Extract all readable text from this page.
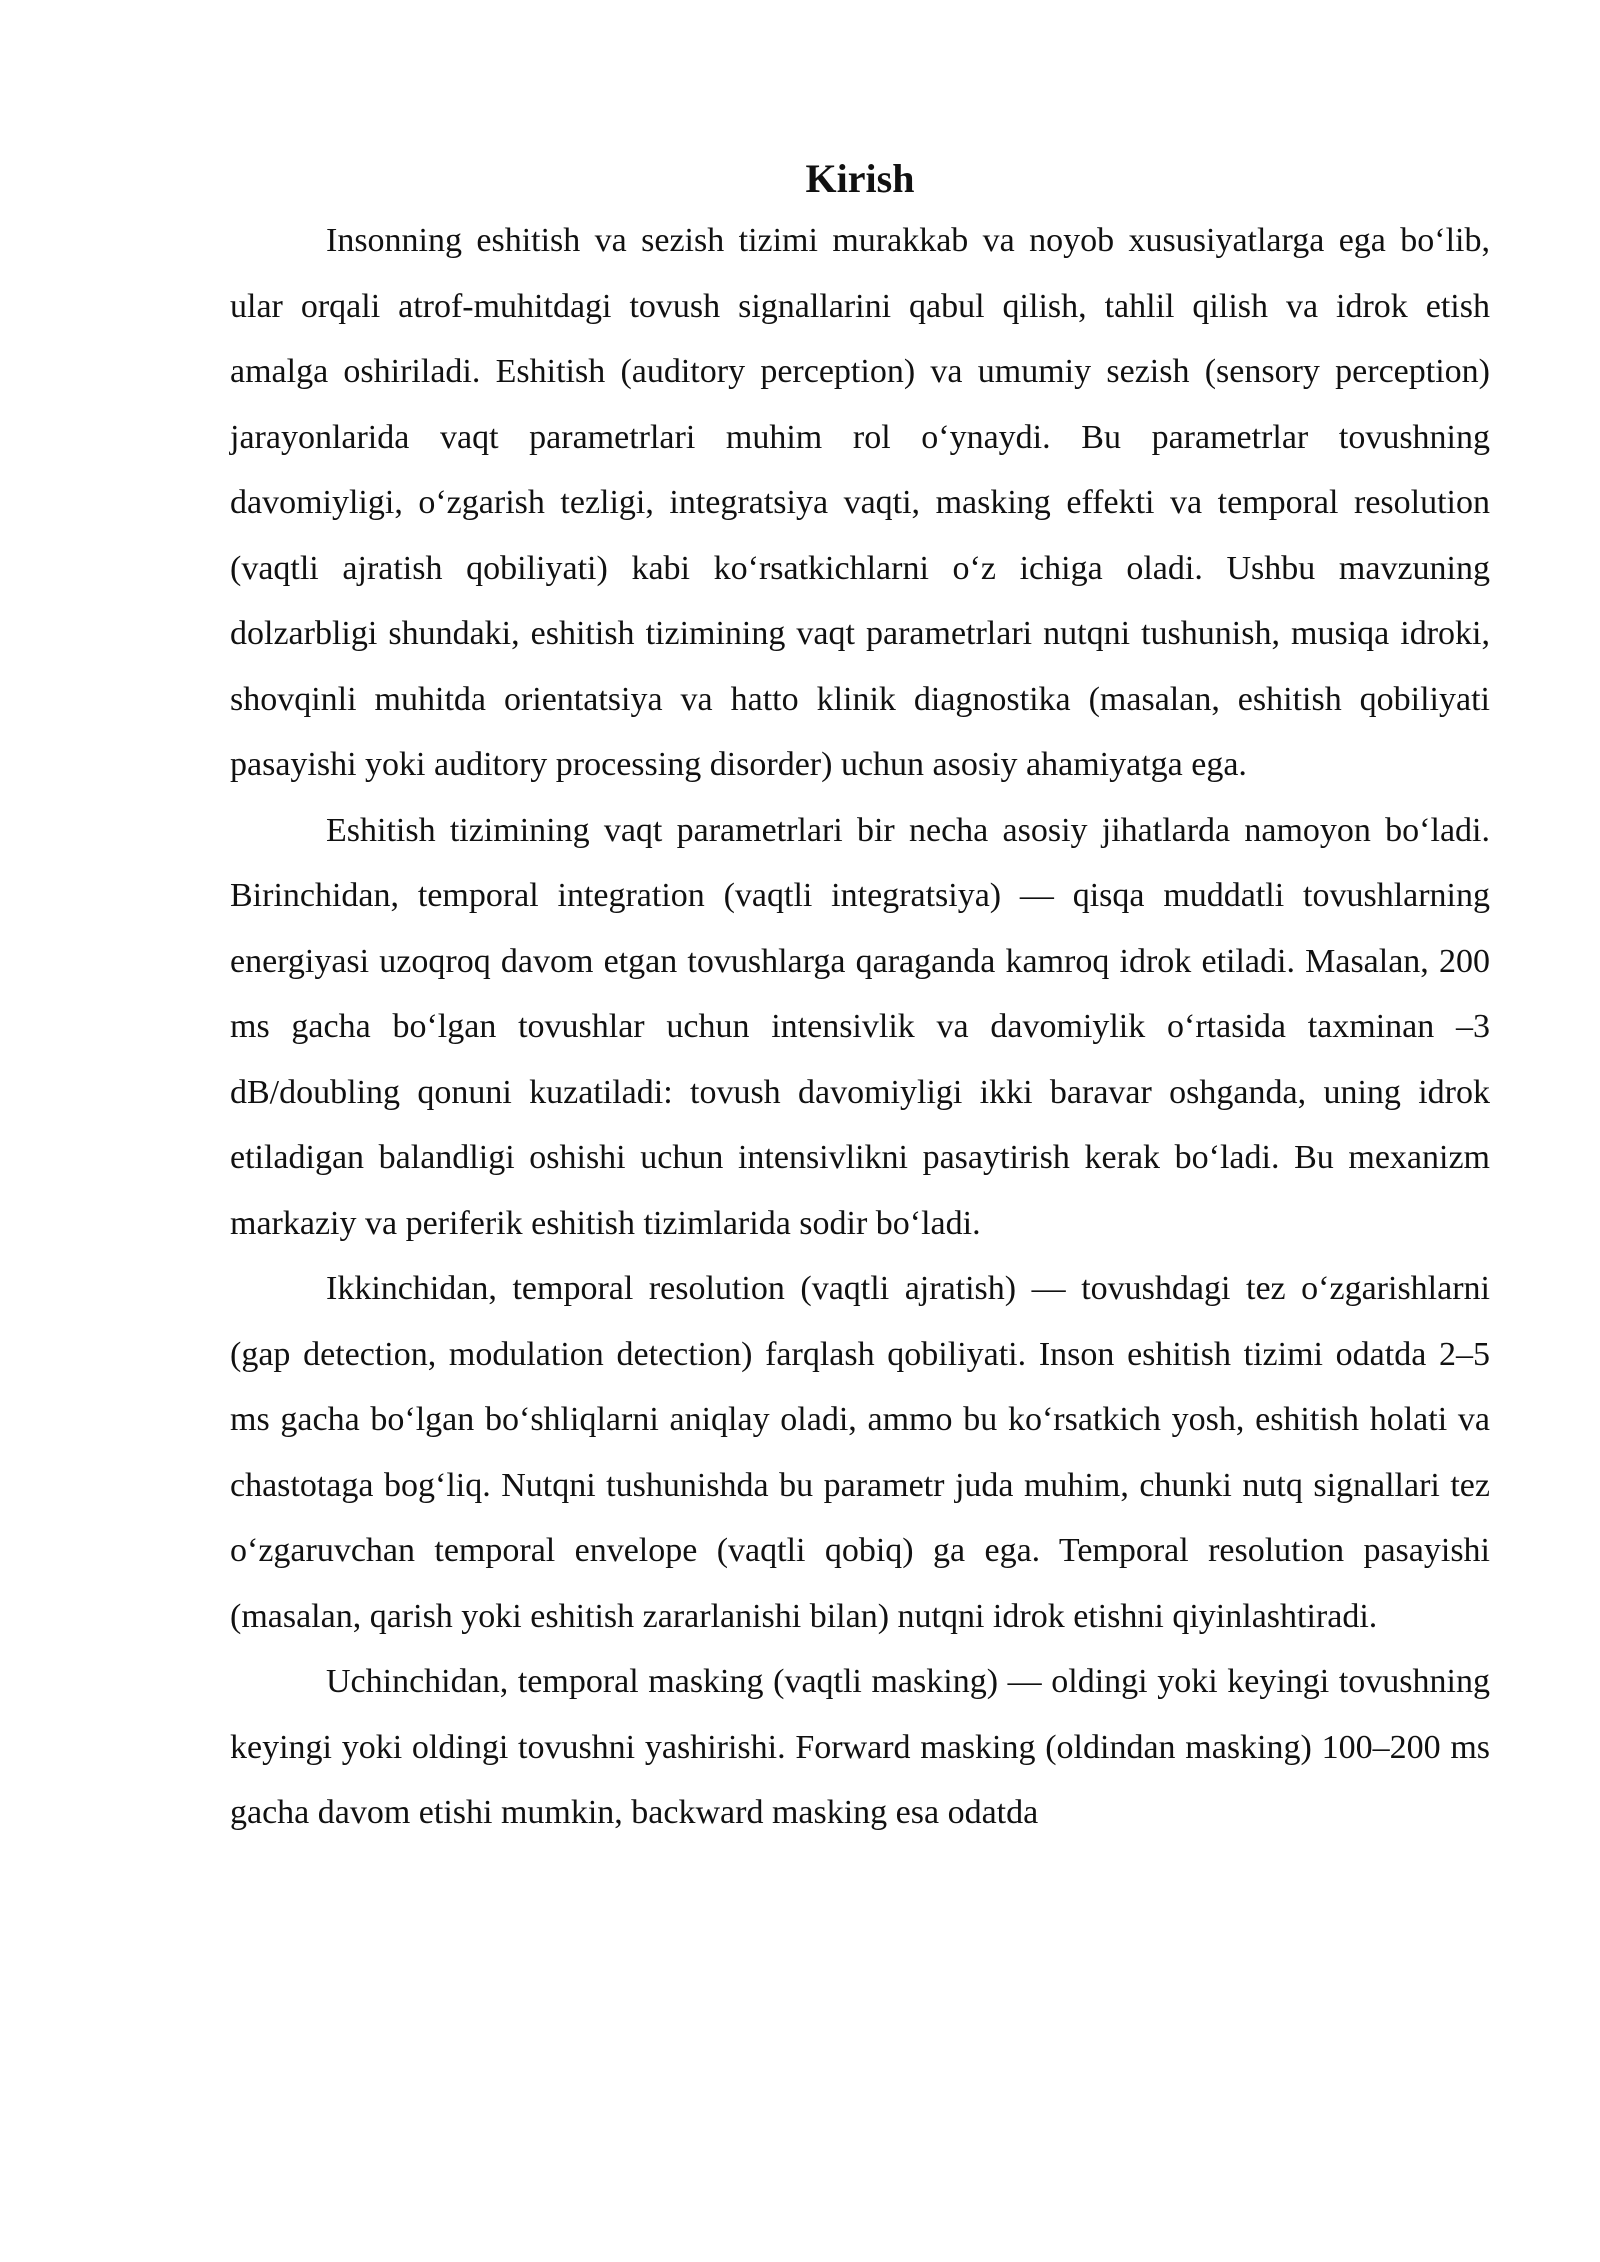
Kirish

Insonning eshitish va sezish tizimi murakkab va noyob xususiyatlarga ega bo‘lib, ular orqali atrof-muhitdagi tovush signallarini qabul qilish, tahlil qilish va idrok etish amalga oshiriladi. Eshitish (auditory perception) va umumiy sezish (sensory perception) jarayonlarida vaqt parametrlari muhim rol o‘ynaydi. Bu parametrlar tovushning davomiyligi, o‘zgarish tezligi, integratsiya vaqti, masking effekti va temporal resolution (vaqtli ajratish qobiliyati) kabi ko‘rsatkichlarni o‘z ichiga oladi. Ushbu mavzuning dolzarbligi shundaki, eshitish tizimining vaqt parametrlari nutqni tushunish, musiqa idroki, shovqinli muhitda orientatsiya va hatto klinik diagnostika (masalan, eshitish qobiliyati pasayishi yoki auditory processing disorder) uchun asosiy ahamiyatga ega.

Eshitish tizimining vaqt parametrlari bir necha asosiy jihatlarda namoyon bo‘ladi. Birinchidan, temporal integration (vaqtli integratsiya) — qisqa muddatli tovushlarning energiyasi uzoqroq davom etgan tovushlarga qaraganda kamroq idrok etiladi. Masalan, 200 ms gacha bo‘lgan tovushlar uchun intensivlik va davomiylik o‘rtasida taxminan –3 dB/doubling qonuni kuzatiladi: tovush davomiyligi ikki baravar oshganda, uning idrok etiladigan balandligi oshishi uchun intensivlikni pasaytirish kerak bo‘ladi. Bu mexanizm markaziy va periferik eshitish tizimlarida sodir bo‘ladi.

Ikkinchidan, temporal resolution (vaqtli ajratish) — tovushdagi tez o‘zgarishlarni (gap detection, modulation detection) farqlash qobiliyati. Inson eshitish tizimi odatda 2–5 ms gacha bo‘lgan bo‘shliqlarni aniqlay oladi, ammo bu ko‘rsatkich yosh, eshitish holati va chastotaga bog‘liq. Nutqni tushunishda bu parametr juda muhim, chunki nutq signallari tez o‘zgaruvchan temporal envelope (vaqtli qobiq) ga ega. Temporal resolution pasayishi (masalan, qarish yoki eshitish zararlanishi bilan) nutqni idrok etishni qiyinlashtiradi.

Uchinchidan, temporal masking (vaqtli masking) — oldingi yoki keyingi tovushning keyingi yoki oldingi tovushni yashirishi. Forward masking (oldindan masking) 100–200 ms gacha davom etishi mumkin, backward masking esa odatda
